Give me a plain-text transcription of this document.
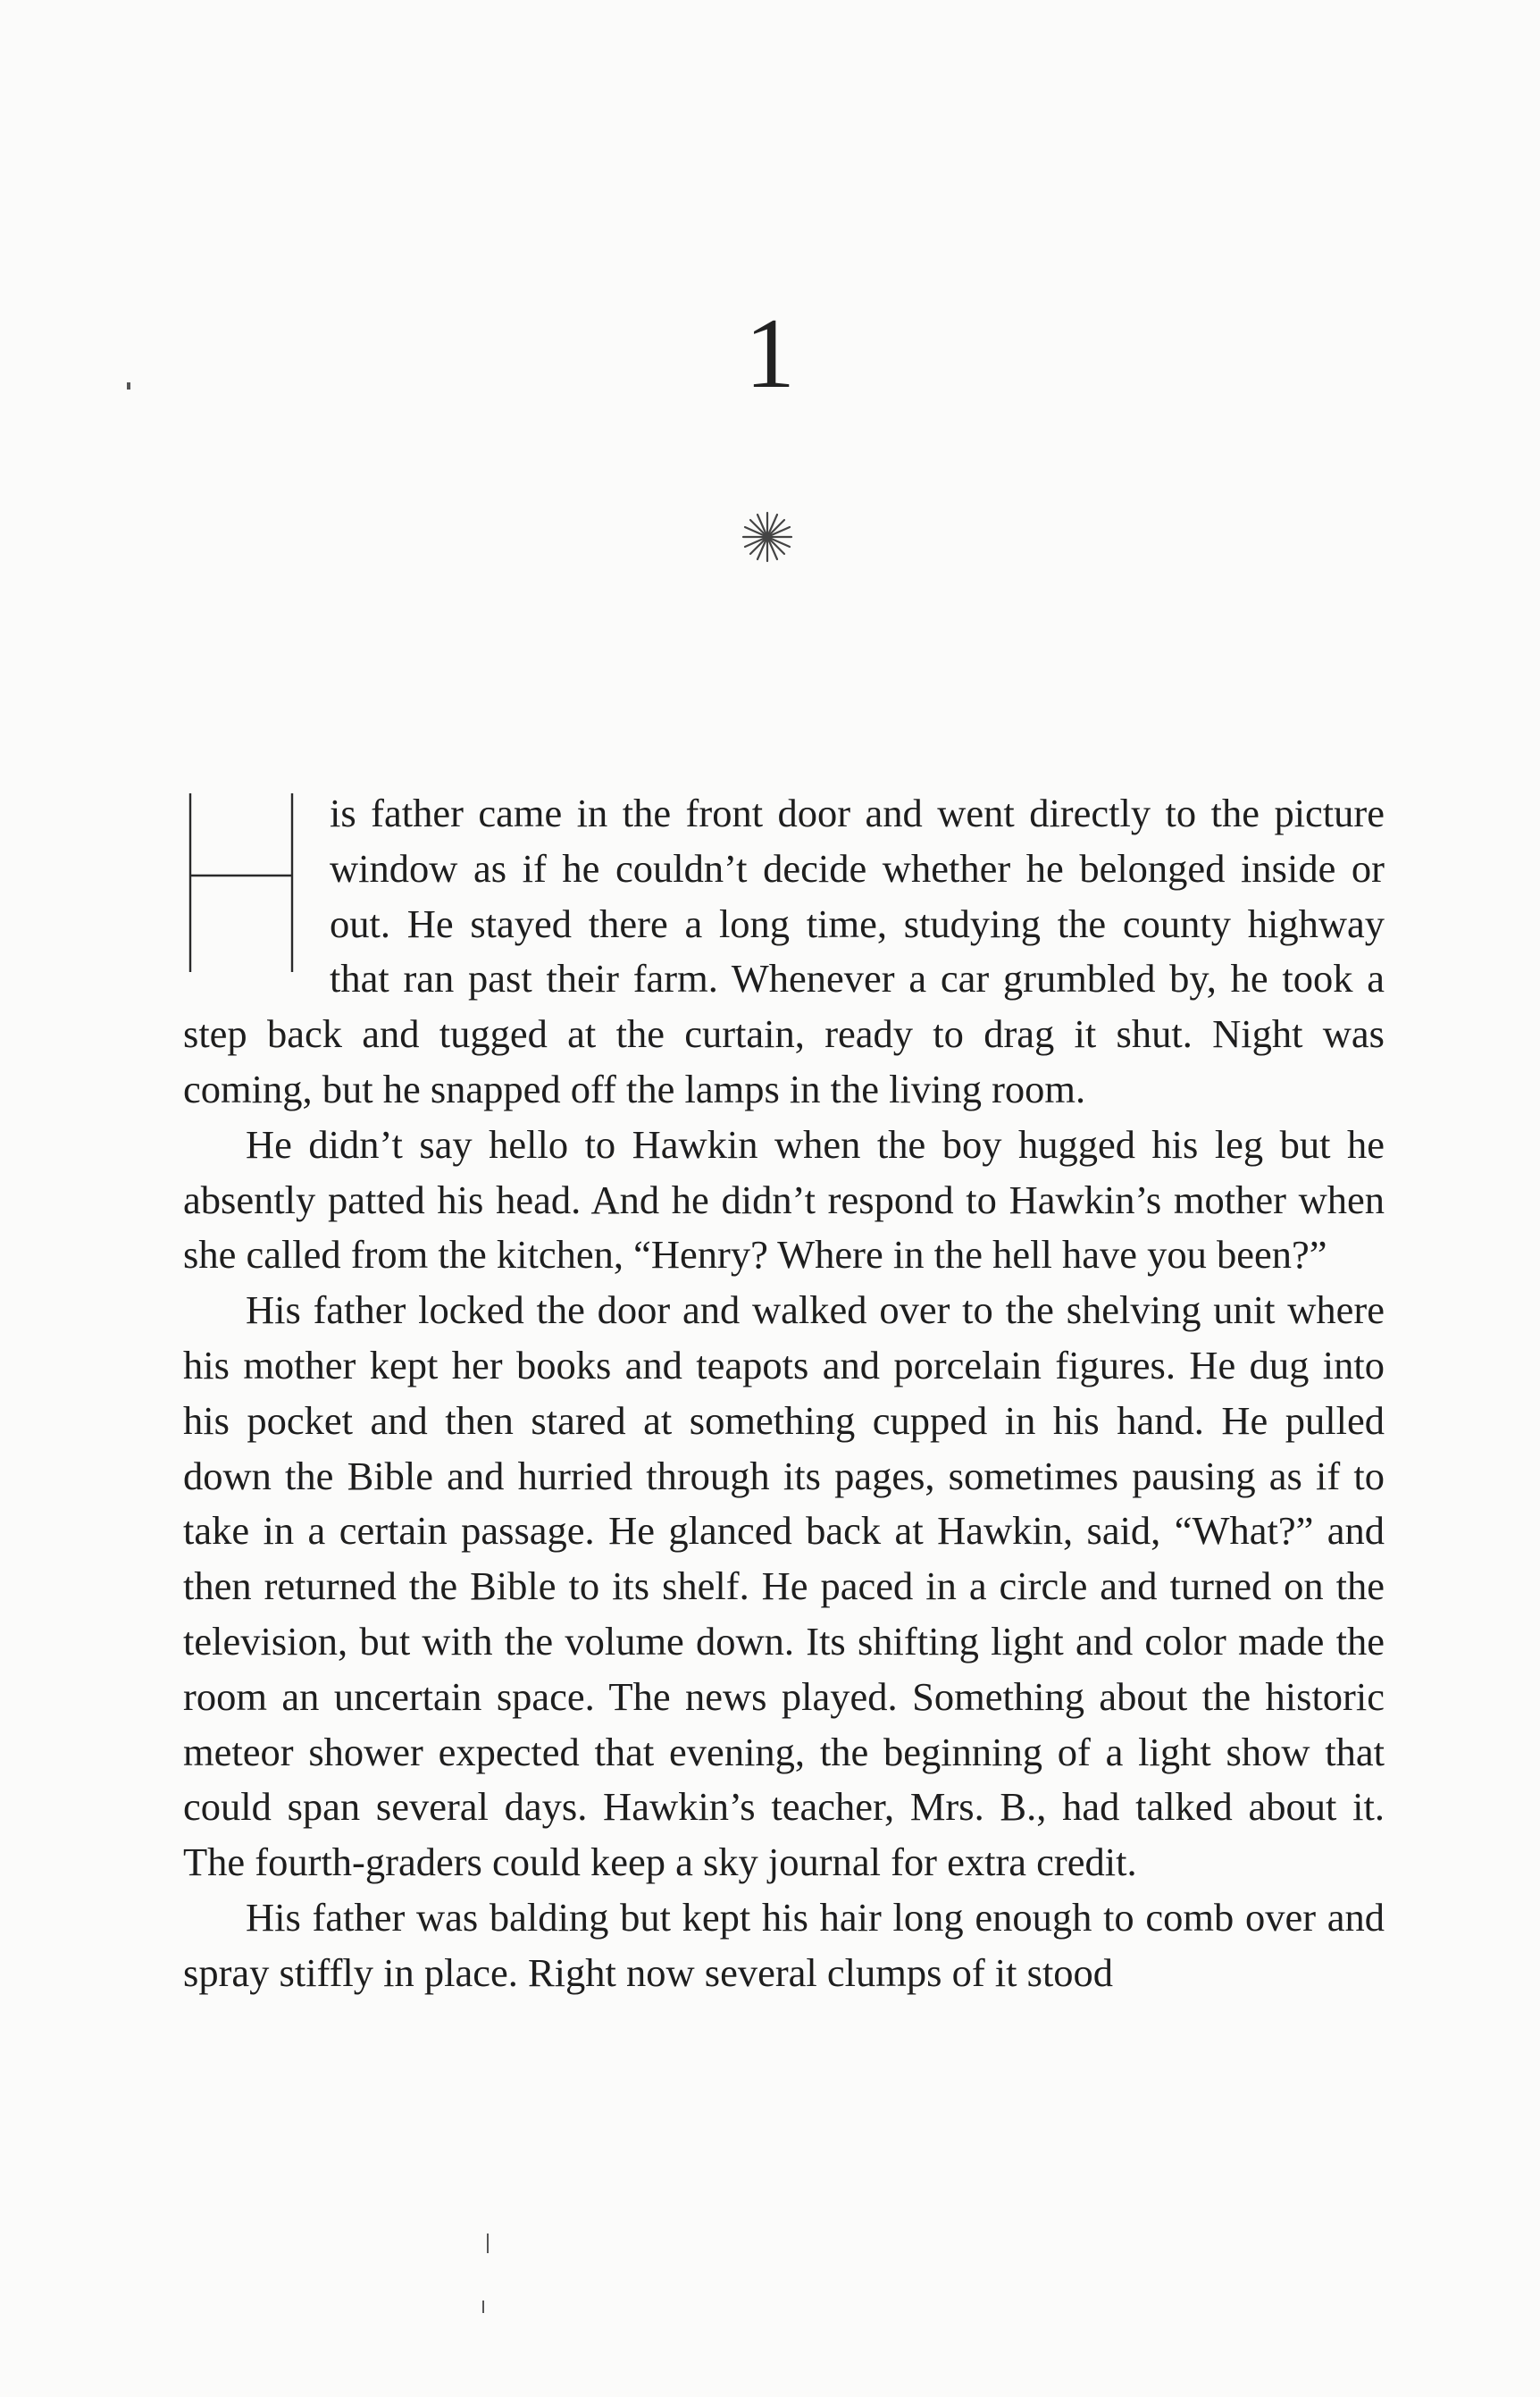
1

is father came in the front door and went directly to the picture window as if he couldn’t decide whether he belonged inside or out. He stayed there a long time, studying the county highway that ran past their farm. Whenever a car grumbled by, he took a step back and tugged at the curtain, ready to drag it shut. Night was coming, but he snapped off the lamps in the living room.

He didn’t say hello to Hawkin when the boy hugged his leg but he absently patted his head. And he didn’t respond to Hawkin’s mother when she called from the kitchen, “Henry? Where in the hell have you been?”

His father locked the door and walked over to the shelving unit where his mother kept her books and teapots and porcelain figures. He dug into his pocket and then stared at something cupped in his hand. He pulled down the Bible and hurried through its pages, sometimes pausing as if to take in a certain passage. He glanced back at Hawkin, said, “What?” and then returned the Bible to its shelf. He paced in a circle and turned on the television, but with the volume down. Its shifting light and color made the room an uncertain space. The news played. Something about the historic meteor shower expected that evening, the beginning of a light show that could span several days. Hawkin’s teacher, Mrs. B., had talked about it. The fourth-graders could keep a sky journal for extra credit.

His father was balding but kept his hair long enough to comb over and spray stiffly in place. Right now several clumps of it stood
